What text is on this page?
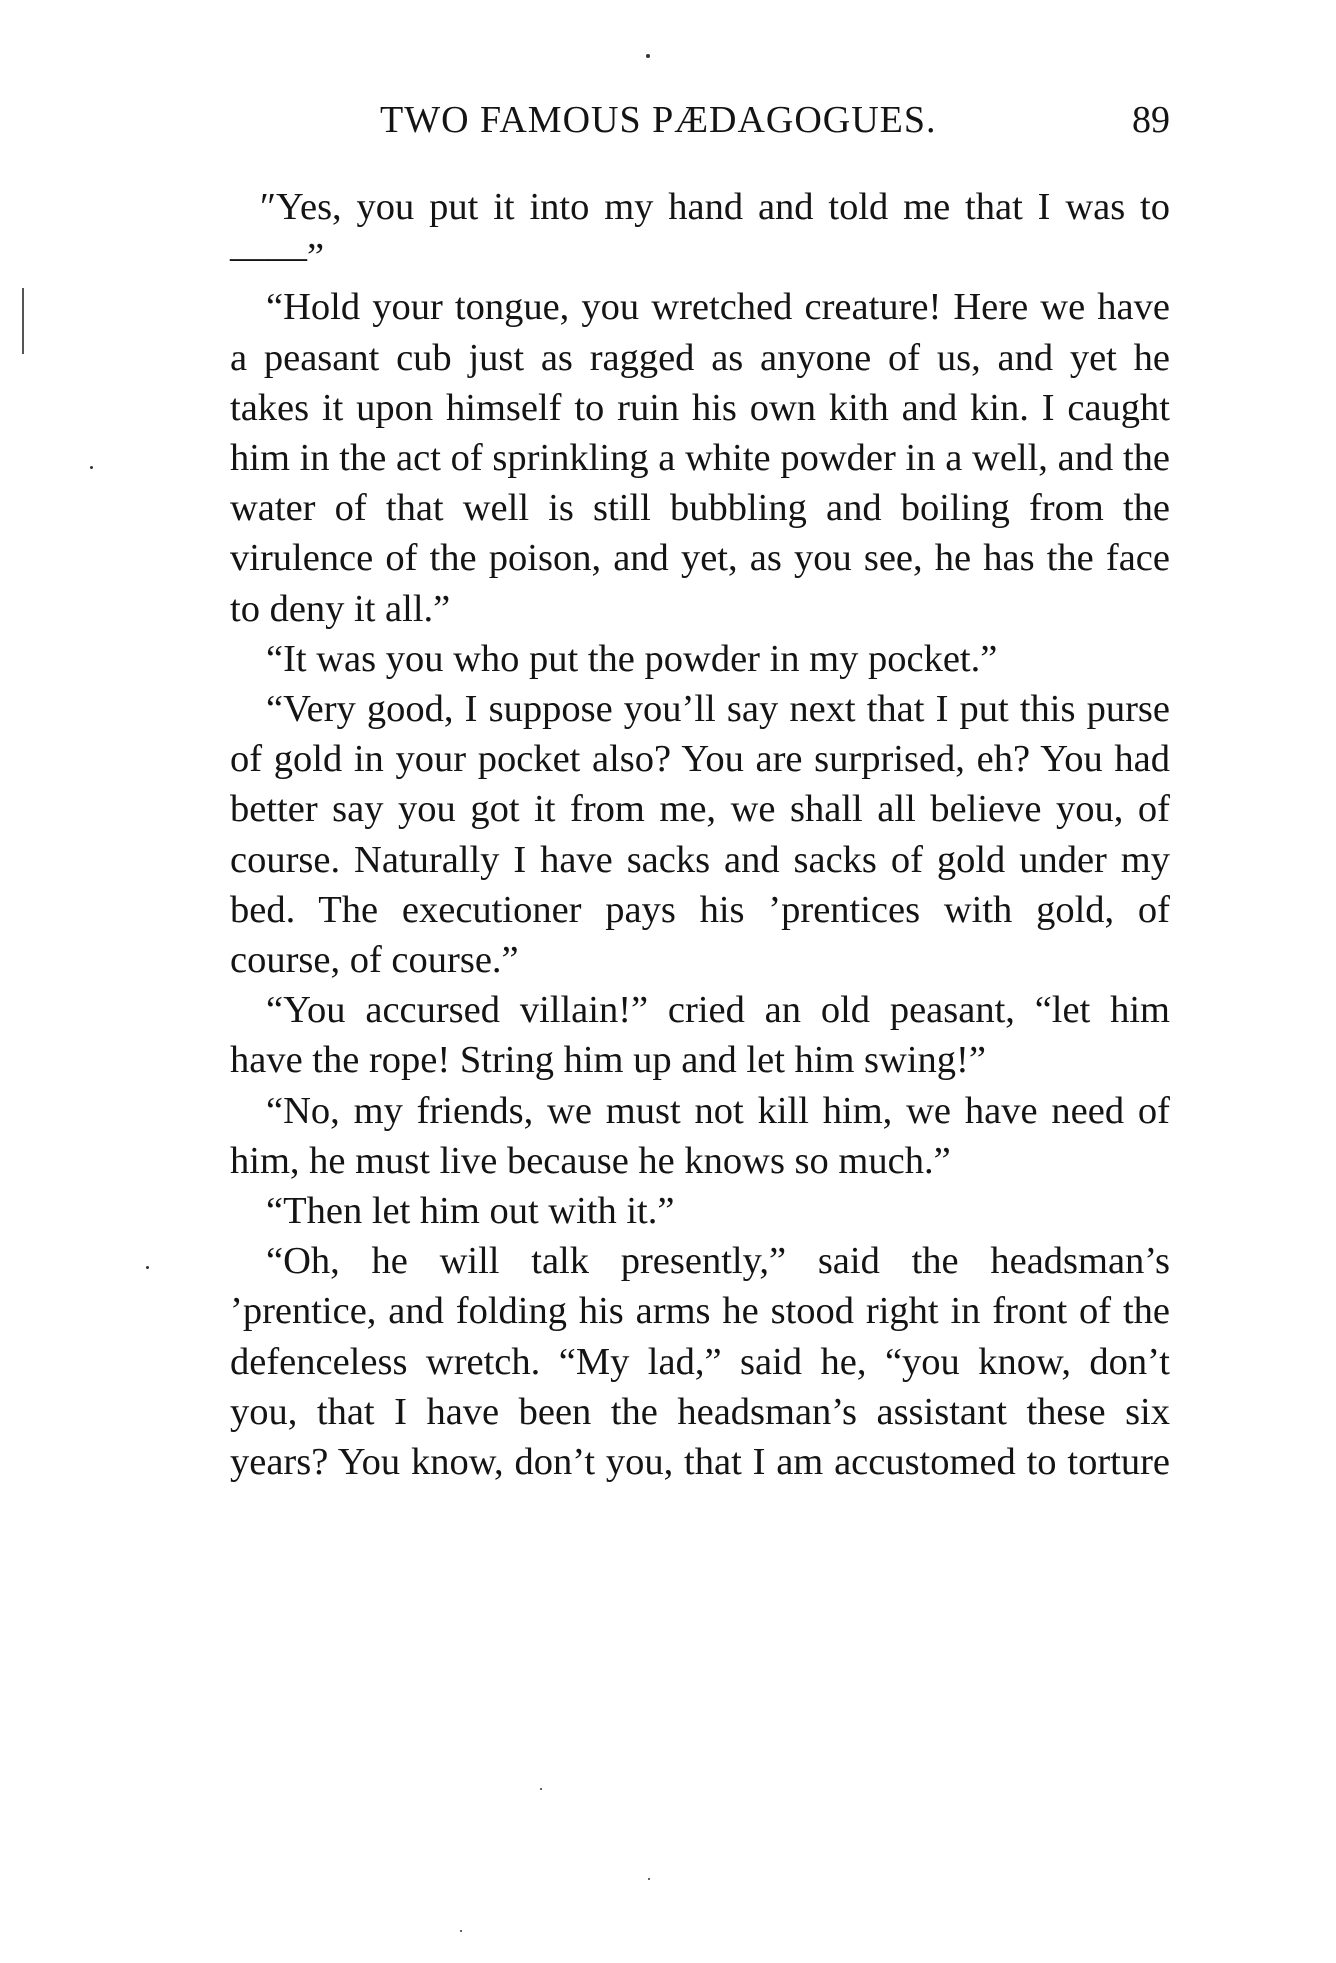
TWO FAMOUS PÆDAGOGUES.	89

″Yes, you put it into my hand and told me that I was to——”

“Hold your tongue, you wretched creature! Here we have a peasant cub just as ragged as anyone of us, and yet he takes it upon himself to ruin his own kith and kin. I caught him in the act of sprinkling a white powder in a well, and the water of that well is still bubbling and boiling from the virulence of the poison, and yet, as you see, he has the face to deny it all.”

“It was you who put the powder in my pocket.”

“Very good, I suppose you’ll say next that I put this purse of gold in your pocket also? You are surprised, eh? You had better say you got it from me, we shall all believe you, of course. Naturally I have sacks and sacks of gold under my bed. The executioner pays his ’prentices with gold, of course, of course.”

“You accursed villain!” cried an old peasant, “let him have the rope! String him up and let him swing!”

“No, my friends, we must not kill him, we have need of him, he must live because he knows so much.”

“Then let him out with it.”

“Oh, he will talk presently,” said the headsman’s ’prentice, and folding his arms he stood right in front of the defenceless wretch. “My lad,” said he, “you know, don’t you, that I have been the headsman’s assistant these six years? You know, don’t you, that I am accustomed to torture
